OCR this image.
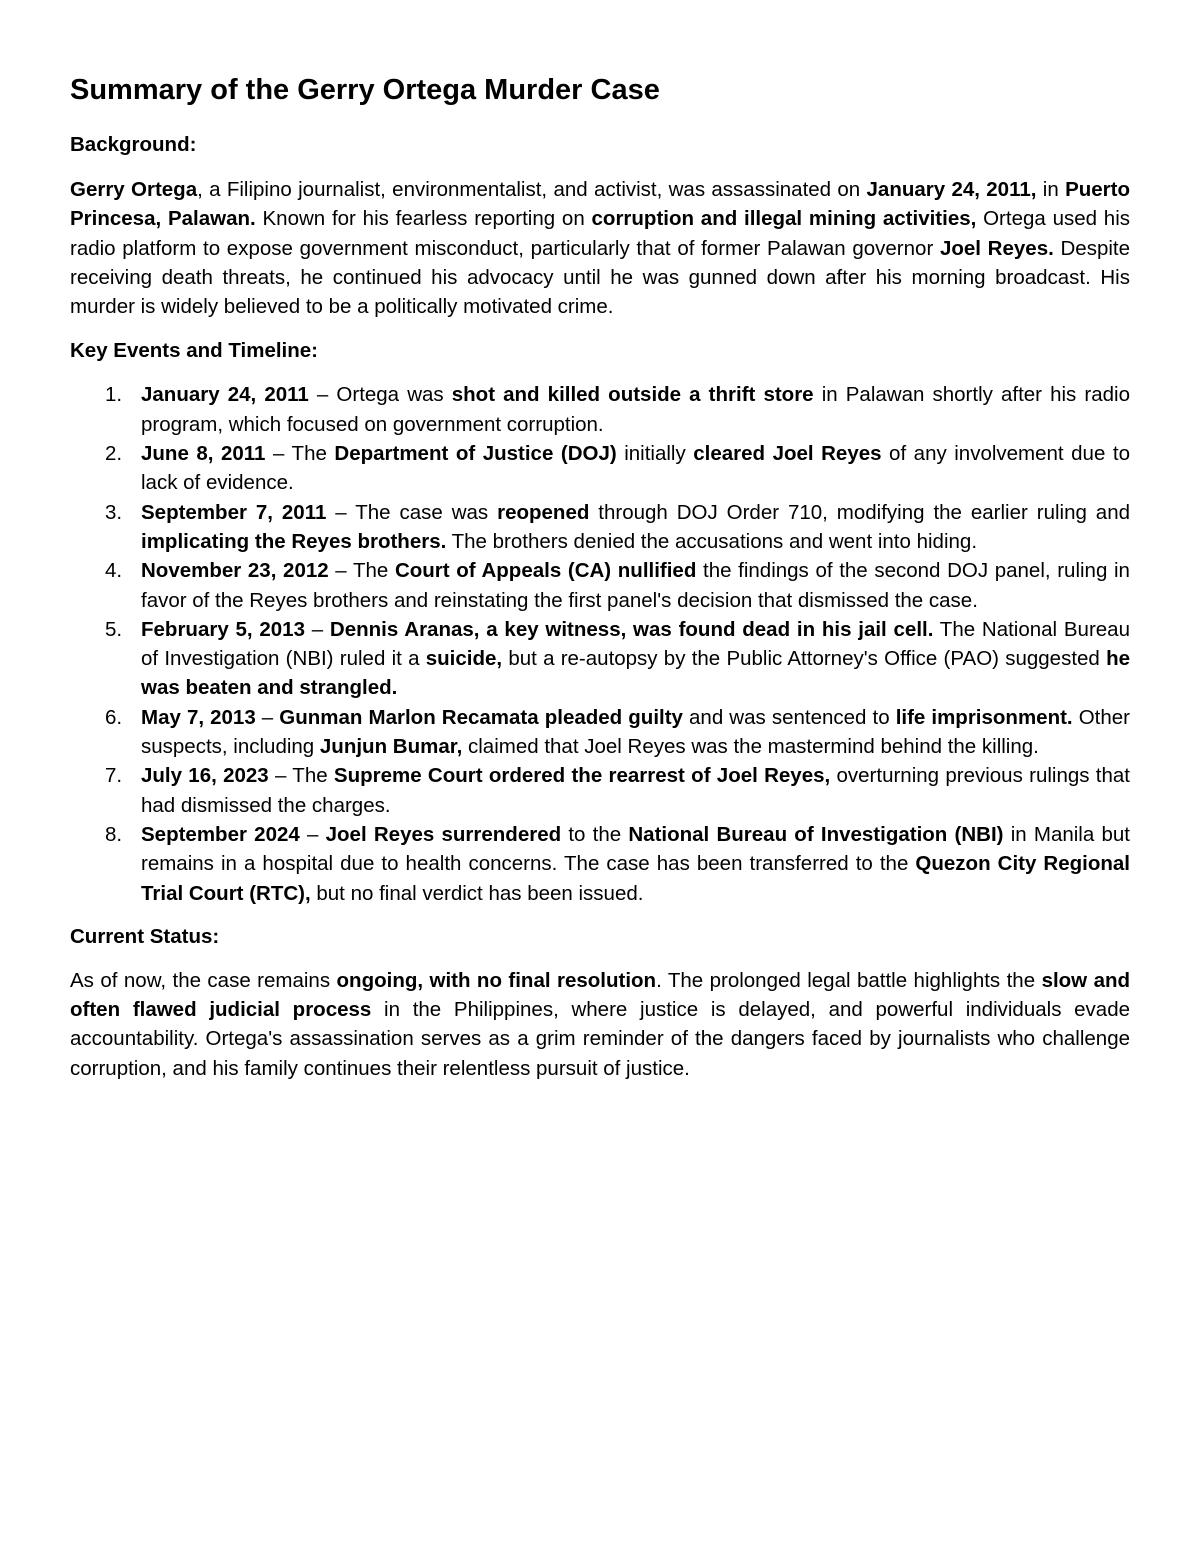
Summary of the Gerry Ortega Murder Case
Background:

Gerry Ortega, a Filipino journalist, environmentalist, and activist, was assassinated on January 24, 2011, in Puerto Princesa, Palawan. Known for his fearless reporting on corruption and illegal mining activities, Ortega used his radio platform to expose government misconduct, particularly that of former Palawan governor Joel Reyes. Despite receiving death threats, he continued his advocacy until he was gunned down after his morning broadcast. His murder is widely believed to be a politically motivated crime.

Key Events and Timeline:
1. January 24, 2011 – Ortega was shot and killed outside a thrift store in Palawan shortly after his radio program, which focused on government corruption.
2. June 8, 2011 – The Department of Justice (DOJ) initially cleared Joel Reyes of any involvement due to lack of evidence.
3. September 7, 2011 – The case was reopened through DOJ Order 710, modifying the earlier ruling and implicating the Reyes brothers. The brothers denied the accusations and went into hiding.
4. November 23, 2012 – The Court of Appeals (CA) nullified the findings of the second DOJ panel, ruling in favor of the Reyes brothers and reinstating the first panel's decision that dismissed the case.
5. February 5, 2013 – Dennis Aranas, a key witness, was found dead in his jail cell. The National Bureau of Investigation (NBI) ruled it a suicide, but a re-autopsy by the Public Attorney's Office (PAO) suggested he was beaten and strangled.
6. May 7, 2013 – Gunman Marlon Recamata pleaded guilty and was sentenced to life imprisonment. Other suspects, including Junjun Bumar, claimed that Joel Reyes was the mastermind behind the killing.
7. July 16, 2023 – The Supreme Court ordered the rearrest of Joel Reyes, overturning previous rulings that had dismissed the charges.
8. September 2024 – Joel Reyes surrendered to the National Bureau of Investigation (NBI) in Manila but remains in a hospital due to health concerns. The case has been transferred to the Quezon City Regional Trial Court (RTC), but no final verdict has been issued.
Current Status:

As of now, the case remains ongoing, with no final resolution. The prolonged legal battle highlights the slow and often flawed judicial process in the Philippines, where justice is delayed, and powerful individuals evade accountability. Ortega's assassination serves as a grim reminder of the dangers faced by journalists who challenge corruption, and his family continues their relentless pursuit of justice.
